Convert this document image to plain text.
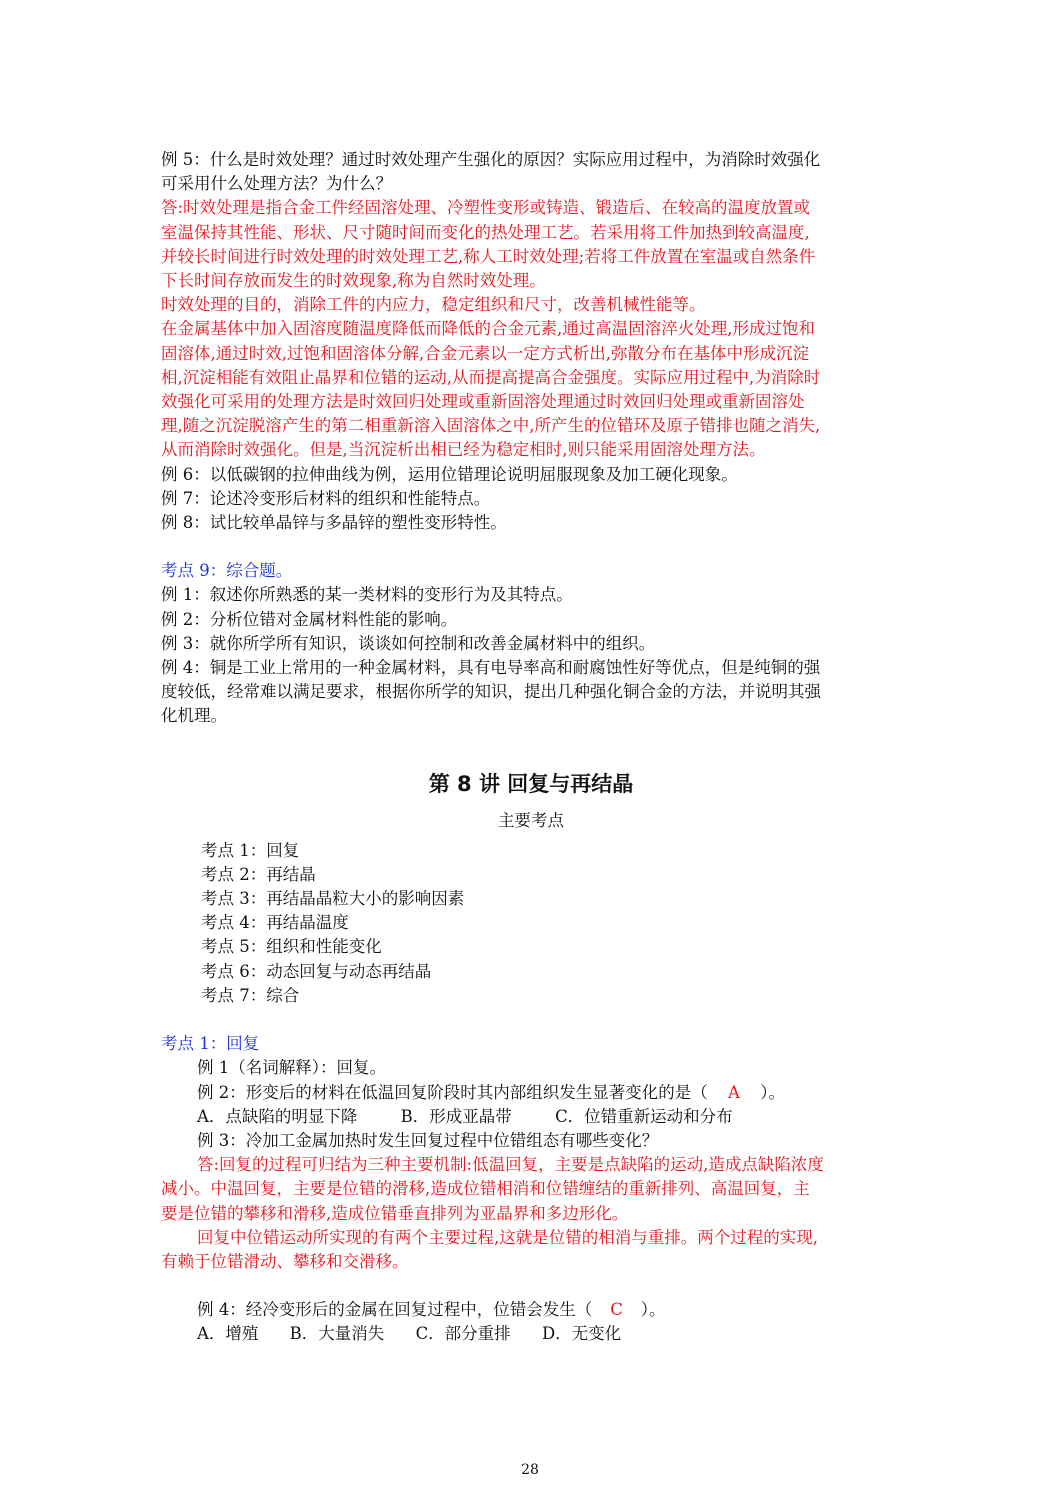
例 5：什么是时效处理？通过时效处理产生强化的原因？实际应用过程中，为消除时效强化
可采用什么处理方法？为什么？
答:时效处理是指合金工件经固溶处理、冷塑性变形或铸造、锻造后、在较高的温度放置或
室温保持其性能、形状、尺寸随时间而变化的热处理工艺。若采用将工件加热到较高温度,
并较长时间进行时效处理的时效处理工艺,称人工时效处理;若将工件放置在室温或自然条件
下长时间存放而发生的时效现象,称为自然时效处理。
时效处理的目的，消除工件的内应力，稳定组织和尺寸，改善机械性能等。
在金属基体中加入固溶度随温度降低而降低的合金元素,通过高温固溶淬火处理,形成过饱和
固溶体,通过时效,过饱和固溶体分解,合金元素以一定方式析出,弥散分布在基体中形成沉淀
相,沉淀相能有效阻止晶界和位错的运动,从而提高提高合金强度。实际应用过程中,为消除时
效强化可采用的处理方法是时效回归处理或重新固溶处理通过时效回归处理或重新固溶处
理,随之沉淀脱溶产生的第二相重新溶入固溶体之中,所产生的位错环及原子错排也随之消失,
从而消除时效强化。但是,当沉淀析出相已经为稳定相时,则只能采用固溶处理方法。
例 6：以低碳钢的拉伸曲线为例，运用位错理论说明屈服现象及加工硬化现象。
例 7：论述冷变形后材料的组织和性能特点。
例 8：试比较单晶锌与多晶锌的塑性变形特性。
考点 9：综合题。
例 1：叙述你所熟悉的某一类材料的变形行为及其特点。
例 2：分析位错对金属材料性能的影响。
例 3：就你所学所有知识，谈谈如何控制和改善金属材料中的组织。
例 4：铜是工业上常用的一种金属材料，具有电导率高和耐腐蚀性好等优点，但是纯铜的强
度较低，经常难以满足要求，根据你所学的知识，提出几种强化铜合金的方法，并说明其强
化机理。
第 8 讲 回复与再结晶
主要考点
考点 1：回复
考点 2：再结晶
考点 3：再结晶晶粒大小的影响因素
考点 4：再结晶温度
考点 5：组织和性能变化
考点 6：动态回复与动态再结晶
考点 7：综合
考点 1：回复
例 1（名词解释）：回复。
例 2：形变后的材料在低温回复阶段时其内部组织发生显著变化的是（ A ）。
A．点缺陷的明显下降	B．形成亚晶带	C．位错重新运动和分布
例 3：冷加工金属加热时发生回复过程中位错组态有哪些变化？
答:回复的过程可归结为三种主要机制:低温回复，主要是点缺陷的运动,造成点缺陷浓度
减小。中温回复，主要是位错的滑移,造成位错相消和位错缠结的重新排列、高温回复，主
要是位错的攀移和滑移,造成位错垂直排列为亚晶界和多边形化。
回复中位错运动所实现的有两个主要过程,这就是位错的相消与重排。两个过程的实现,
有赖于位错滑动、攀移和交滑移。
例 4：经冷变形后的金属在回复过程中，位错会发生（ C ）。
A．增殖 B．大量消失 C．部分重排 D．无变化
28
